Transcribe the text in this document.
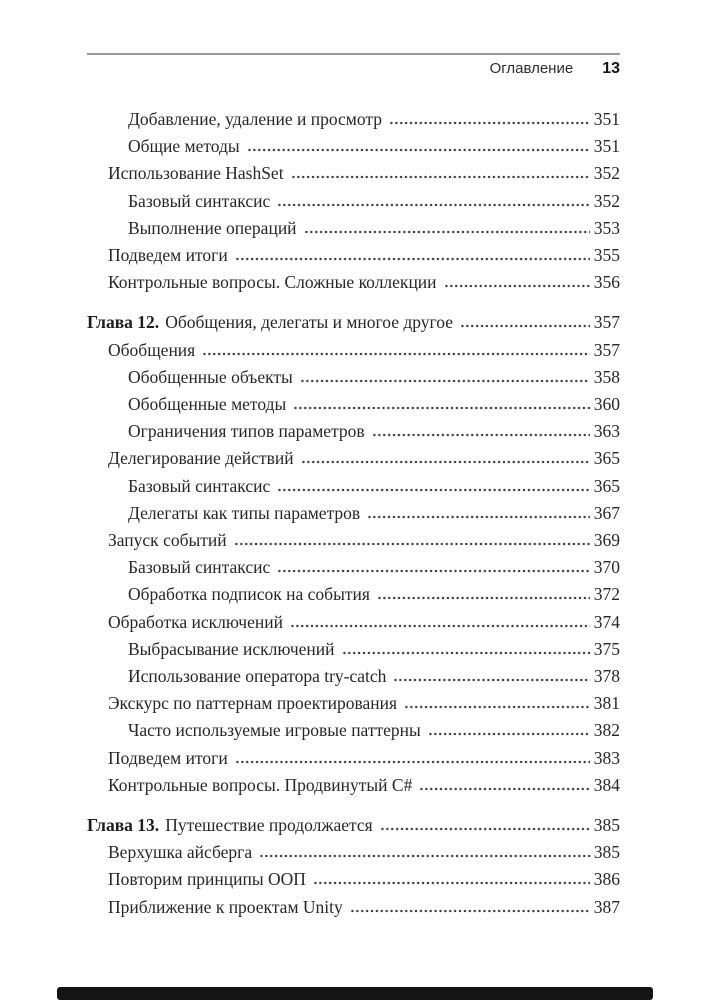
Оглавление 13
Добавление, удаление и просмотр	351
Общие методы	351
Использование HashSet	352
Базовый синтаксис	352
Выполнение операций	353
Подведем итоги	355
Контрольные вопросы. Сложные коллекции	356
Глава 12. Обобщения, делегаты и многое другое	357
Обобщения	357
Обобщенные объекты	358
Обобщенные методы	360
Ограничения типов параметров	363
Делегирование действий	365
Базовый синтаксис	365
Делегаты как типы параметров	367
Запуск событий	369
Базовый синтаксис	370
Обработка подписок на события	372
Обработка исключений	374
Выбрасывание исключений	375
Использование оператора try-catch	378
Экскурс по паттернам проектирования	381
Часто используемые игровые паттерны	382
Подведем итоги	383
Контрольные вопросы. Продвинутый C#	384
Глава 13. Путешествие продолжается	385
Верхушка айсберга	385
Повторим принципы ООП	386
Приближение к проектам Unity	387
